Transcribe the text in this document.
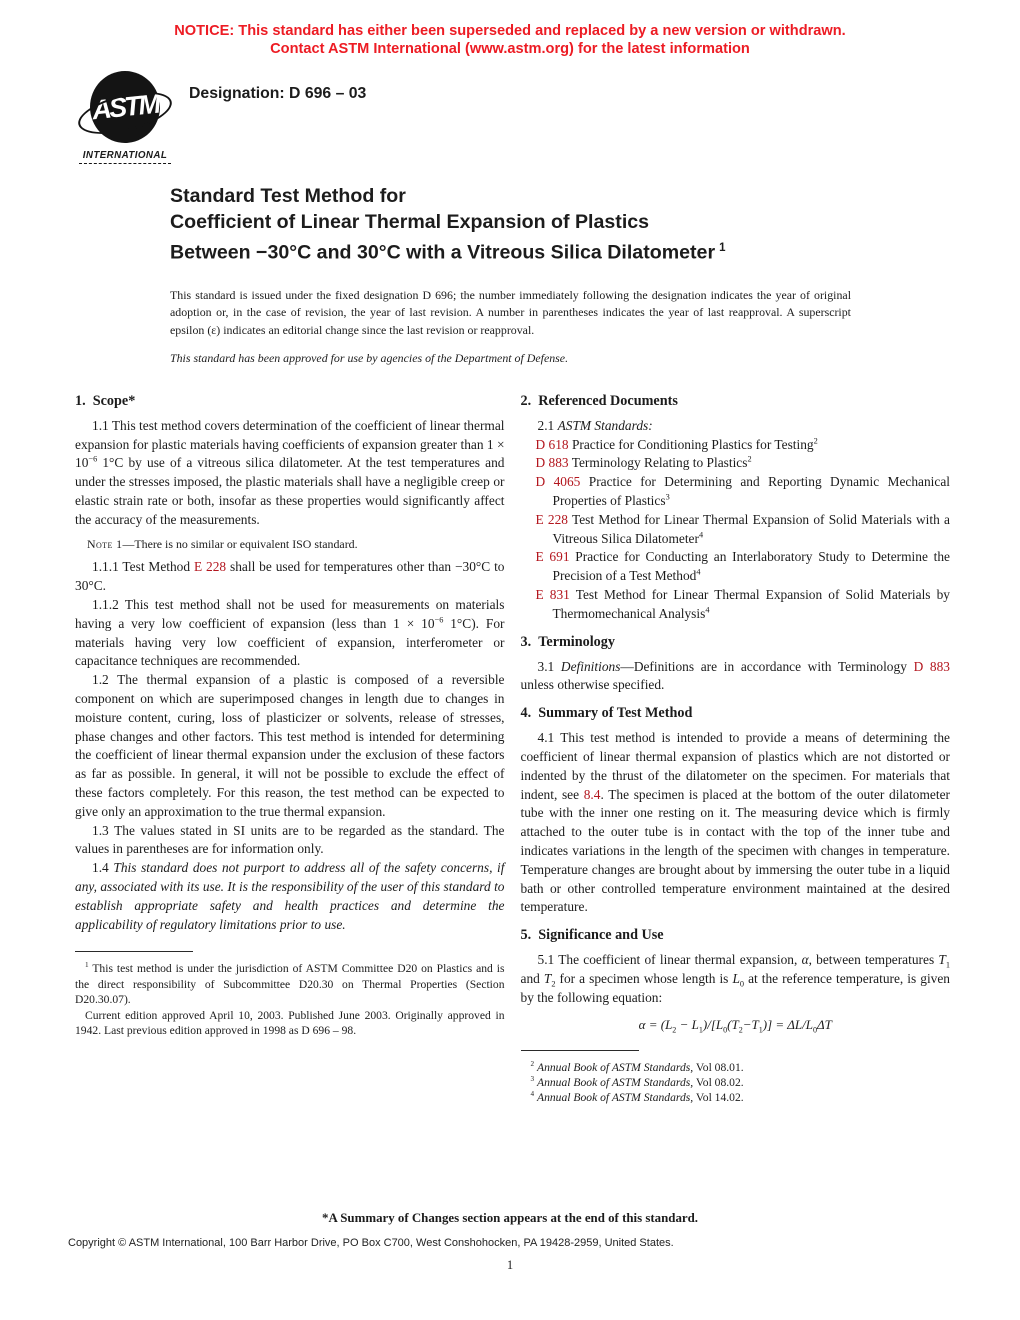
NOTICE: This standard has either been superseded and replaced by a new version or withdrawn.
Contact ASTM International (www.astm.org) for the latest information
ASTM
INTERNATIONAL
Designation: D 696 – 03
Standard Test Method for
Coefficient of Linear Thermal Expansion of Plastics
Between −30°C and 30°C with a Vitreous Silica Dilatometer $^1$

This standard is issued under the fixed designation D 696; the number immediately following the designation indicates the year of original adoption or, in the case of revision, the year of last revision. A number in parentheses indicates the year of last reapproval. A superscript epsilon (ε) indicates an editorial change since the last revision or reapproval.

This standard has been approved for use by agencies of the Department of Defense.

1. Scope*

1.1 This test method covers determination of the coefficient of linear thermal expansion for plastic materials having coefficients of expansion greater than $1 \times 10^{-6}$ 1°C by use of a vitreous silica dilatometer. At the test temperatures and under the stresses imposed, the plastic materials shall have a negligible creep or elastic strain rate or both, insofar as these properties would significantly affect the accuracy of the measurements.

Note 1—There is no similar or equivalent ISO standard.

1.1.1 Test Method E 228 shall be used for temperatures other than −30°C to 30°C.

1.1.2 This test method shall not be used for measurements on materials having a very low coefficient of expansion (less than $1 \times 10^{-6}$ 1°C). For materials having very low coefficient of expansion, interferometer or capacitance techniques are recommended.

1.2 The thermal expansion of a plastic is composed of a reversible component on which are superimposed changes in length due to changes in moisture content, curing, loss of plasticizer or solvents, release of stresses, phase changes and other factors. This test method is intended for determining the coefficient of linear thermal expansion under the exclusion of these factors as far as possible. In general, it will not be possible to exclude the effect of these factors completely. For this reason, the test method can be expected to give only an approximation to the true thermal expansion.

1.3 The values stated in SI units are to be regarded as the standard. The values in parentheses are for information only.

1.4 This standard does not purport to address all of the safety concerns, if any, associated with its use. It is the responsibility of the user of this standard to establish appropriate safety and health practices and determine the applicability of regulatory limitations prior to use.

$^1$ This test method is under the jurisdiction of ASTM Committee D20 on Plastics and is the direct responsibility of Subcommittee D20.30 on Thermal Properties (Section D20.30.07).

Current edition approved April 10, 2003. Published June 2003. Originally approved in 1942. Last previous edition approved in 1998 as D 696 – 98.

2. Referenced Documents

2.1 ASTM Standards:

D 618 Practice for Conditioning Plastics for Testing$^2$

D 883 Terminology Relating to Plastics$^2$

D 4065 Practice for Determining and Reporting Dynamic Mechanical Properties of Plastics$^3$

E 228 Test Method for Linear Thermal Expansion of Solid Materials with a Vitreous Silica Dilatometer$^4$

E 691 Practice for Conducting an Interlaboratory Study to Determine the Precision of a Test Method$^4$

E 831 Test Method for Linear Thermal Expansion of Solid Materials by Thermomechanical Analysis$^4$

3. Terminology

3.1 Definitions—Definitions are in accordance with Terminology D 883 unless otherwise specified.

4. Summary of Test Method

4.1 This test method is intended to provide a means of determining the coefficient of linear thermal expansion of plastics which are not distorted or indented by the thrust of the dilatometer on the specimen. For materials that indent, see 8.4. The specimen is placed at the bottom of the outer dilatometer tube with the inner one resting on it. The measuring device which is firmly attached to the outer tube is in contact with the top of the inner tube and indicates variations in the length of the specimen with changes in temperature. Temperature changes are brought about by immersing the outer tube in a liquid bath or other controlled temperature environment maintained at the desired temperature.

5. Significance and Use

5.1 The coefficient of linear thermal expansion, α, between temperatures $T_1$ and $T_2$ for a specimen whose length is $L_0$ at the reference temperature, is given by the following equation:

$\alpha = (L_2 - L_1)/[L_0(T_2-T_1)] = \Delta L/L_0\Delta T$

$^2$ Annual Book of ASTM Standards, Vol 08.01.

$^3$ Annual Book of ASTM Standards, Vol 08.02.

$^4$ Annual Book of ASTM Standards, Vol 14.02.

*A Summary of Changes section appears at the end of this standard.
Copyright © ASTM International, 100 Barr Harbor Drive, PO Box C700, West Conshohocken, PA 19428-2959, United States.
1
